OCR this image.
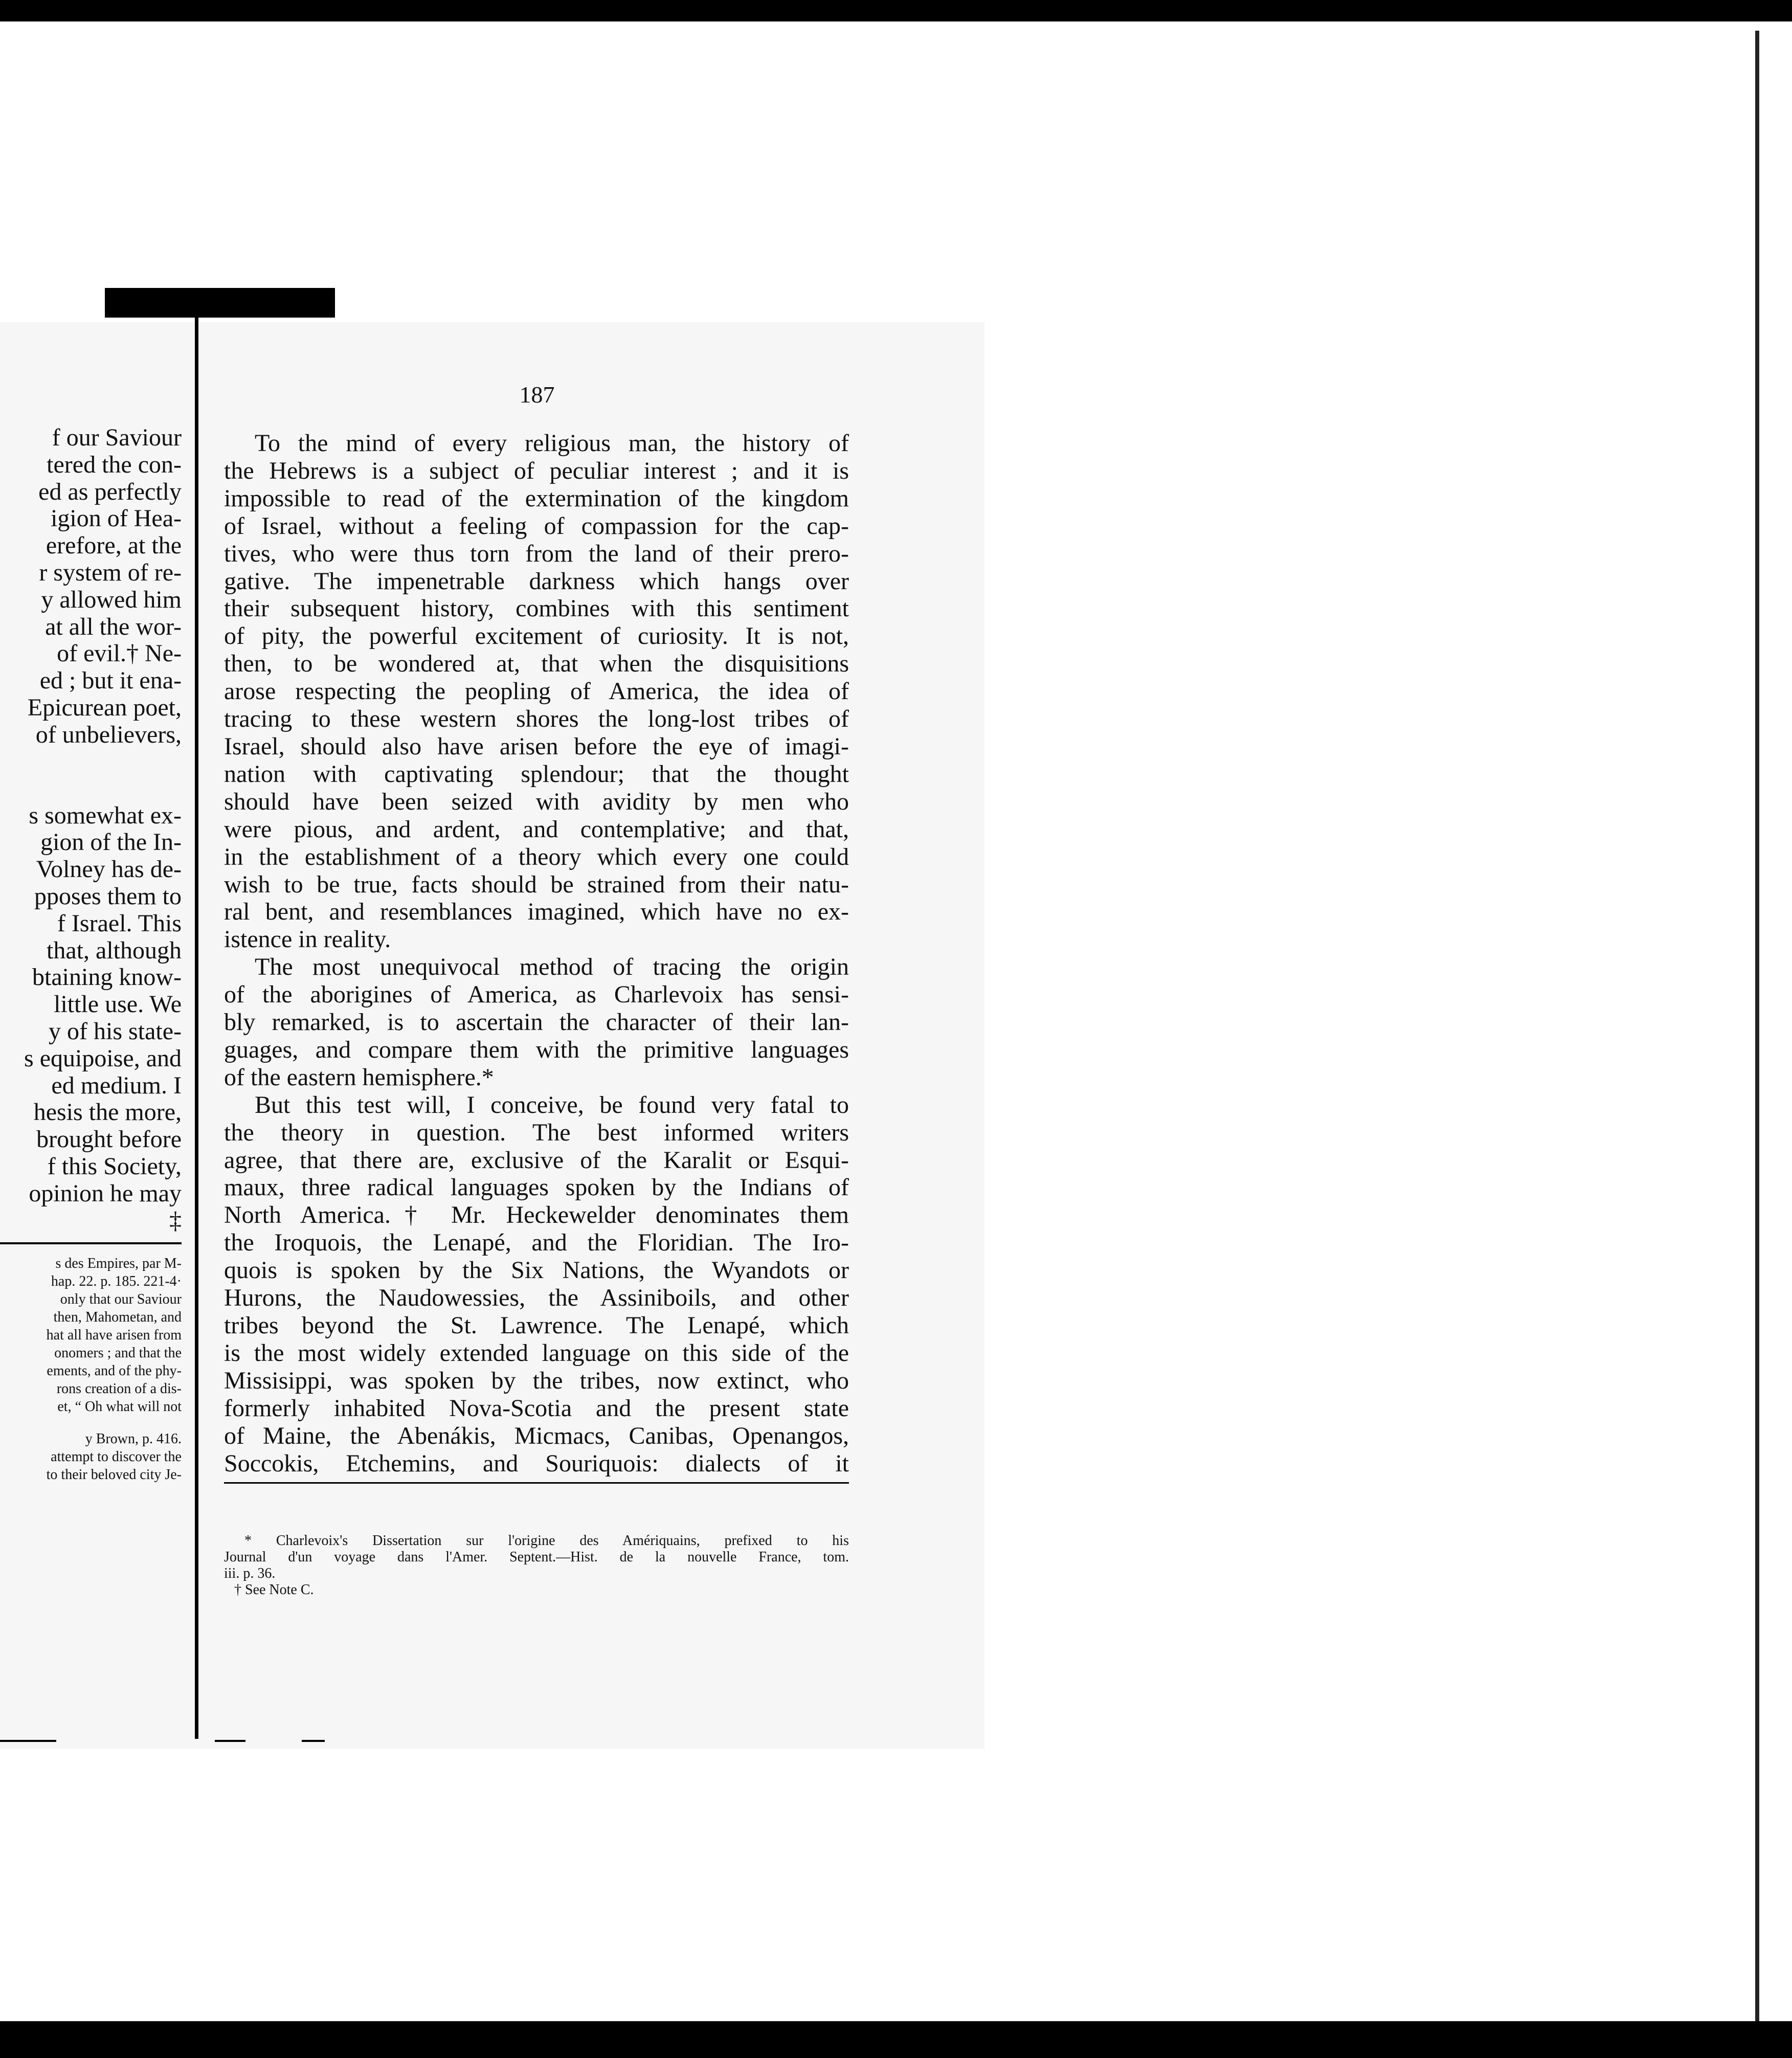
f our Saviour
tered the con-
ed as perfectly
igion of Hea-
erefore, at the
r system of re-
y allowed him
at all the wor-
of evil.† Ne-
ed ; but it ena-
Epicurean poet,
of unbelievers,
s somewhat ex-
gion of the In-
Volney has de-
pposes them to
f Israel. This
that, although
btaining know-
little use. We
y of his state-
s equipoise, and
ed medium. I
hesis the more,
brought before
f this Society,
opinion he may
‡
s des Empires, par M-
hap. 22. p. 185. 221-4·
only that our Saviour
then, Mahometan, and
hat all have arisen from
onomers ; and that the
ements, and of the phy-
rons creation of a dis-
et, “ Oh what will not
y Brown, p. 416.
attempt to discover the
to their beloved city Je-
187
To the mind of every religious man, the history of
the Hebrews is a subject of peculiar interest ; and it is
impossible to read of the extermination of the kingdom
of Israel, without a feeling of compassion for the cap-
tives, who were thus torn from the land of their prero-
gative. The impenetrable darkness which hangs over
their subsequent history, combines with this sentiment
of pity, the powerful excitement of curiosity. It is not,
then, to be wondered at, that when the disquisitions
arose respecting the peopling of America, the idea of
tracing to these western shores the long-lost tribes of
Israel, should also have arisen before the eye of imagi-
nation with captivating splendour; that the thought
should have been seized with avidity by men who
were pious, and ardent, and contemplative; and that,
in the establishment of a theory which every one could
wish to be true, facts should be strained from their natu-
ral bent, and resemblances imagined, which have no ex-
istence in reality.
The most unequivocal method of tracing the origin
of the aborigines of America, as Charlevoix has sensi-
bly remarked, is to ascertain the character of their lan-
guages, and compare them with the primitive languages
of the eastern hemisphere.*
But this test will, I conceive, be found very fatal to
the theory in question. The best informed writers
agree, that there are, exclusive of the Karalit or Esqui-
maux, three radical languages spoken by the Indians of
North America.† Mr. Heckewelder denominates them
the Iroquois, the Lenapé, and the Floridian. The Iro-
quois is spoken by the Six Nations, the Wyandots or
Hurons, the Naudowessies, the Assiniboils, and other
tribes beyond the St. Lawrence. The Lenapé, which
is the most widely extended language on this side of the
Missisippi, was spoken by the tribes, now extinct, who
formerly inhabited Nova-Scotia and the present state
of Maine, the Abenákis, Micmacs, Canibas, Openangos,
Soccokis, Etchemins, and Souriquois: dialects of it
* Charlevoix's Dissertation sur l'origine des Amériquains, prefixed to his
Journal d'un voyage dans l'Amer. Septent.—Hist. de la nouvelle France, tom.
iii. p. 36.
† See Note C.
